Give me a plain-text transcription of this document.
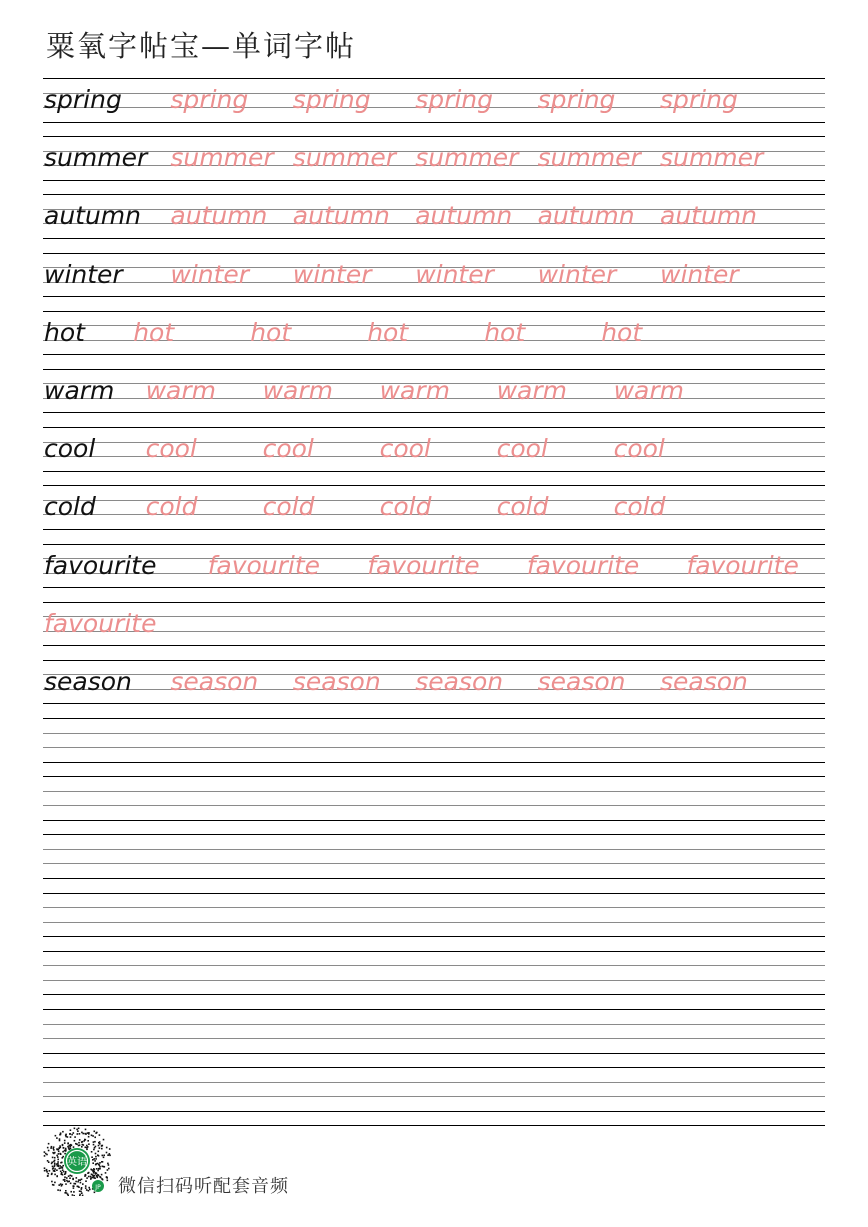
粟氧字帖宝—单词字帖
spring spring spring spring spring spring
summer summer summer summer summer summer
autumn autumn autumn autumn autumn autumn
winter winter winter winter winter winter
hot hot	hot	hot	hot	hot
warm warm warm warm warm warm
cool cool	cool	cool	cool	cool
cold cold	cold	cold	cold	cold
favourite favourite favourite favourite favourite
favourite
season season season season season season
英语
JP 微信扫码听配套音频
